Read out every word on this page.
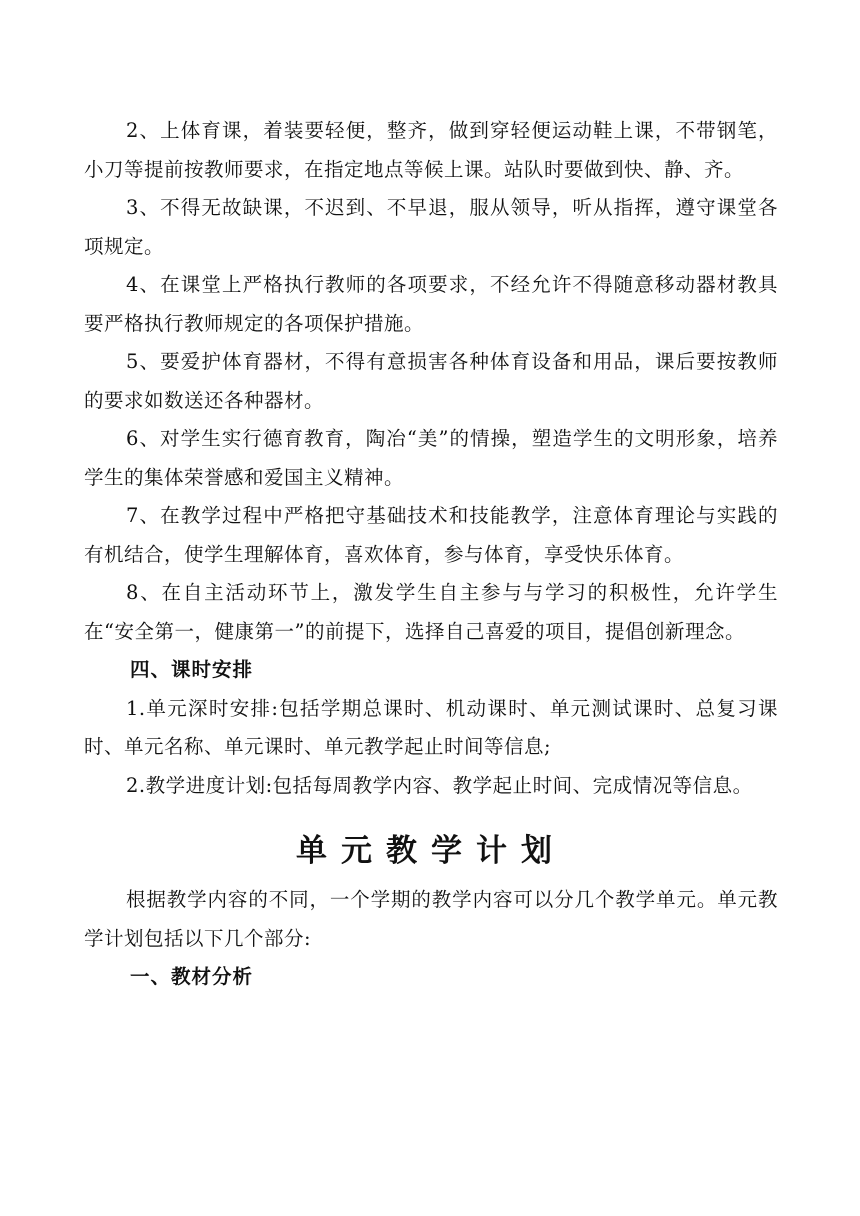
2、上体育课，着装要轻便，整齐，做到穿轻便运动鞋上课，不带钢笔，小刀等提前按教师要求，在指定地点等候上课。站队时要做到快、静、齐。

3、不得无故缺课，不迟到、不早退，服从领导，听从指挥，遵守课堂各项规定。

4、在课堂上严格执行教师的各项要求，不经允许不得随意移动器材教具要严格执行教师规定的各项保护措施。

5、要爱护体育器材，不得有意损害各种体育设备和用品，课后要按教师的要求如数送还各种器材。

6、对学生实行德育教育，陶冶“美”的情操，塑造学生的文明形象，培养学生的集体荣誉感和爱国主义精神。

7、在教学过程中严格把守基础技术和技能教学，注意体育理论与实践的有机结合，使学生理解体育，喜欢体育，参与体育，享受快乐体育。

8、在自主活动环节上，激发学生自主参与与学习的积极性，允许学生在“安全第一，健康第一”的前提下，选择自己喜爱的项目，提倡创新理念。

四、课时安排

1.单元深时安排:包括学期总课时、机动课时、单元测试课时、总复习课时、单元名称、单元课时、单元教学起止时间等信息;

2.教学进度计划:包括每周教学内容、教学起止时间、完成情况等信息。

单元教学计划

根据教学内容的不同，一个学期的教学内容可以分几个教学单元。单元教学计划包括以下几个部分:

一、教材分析
